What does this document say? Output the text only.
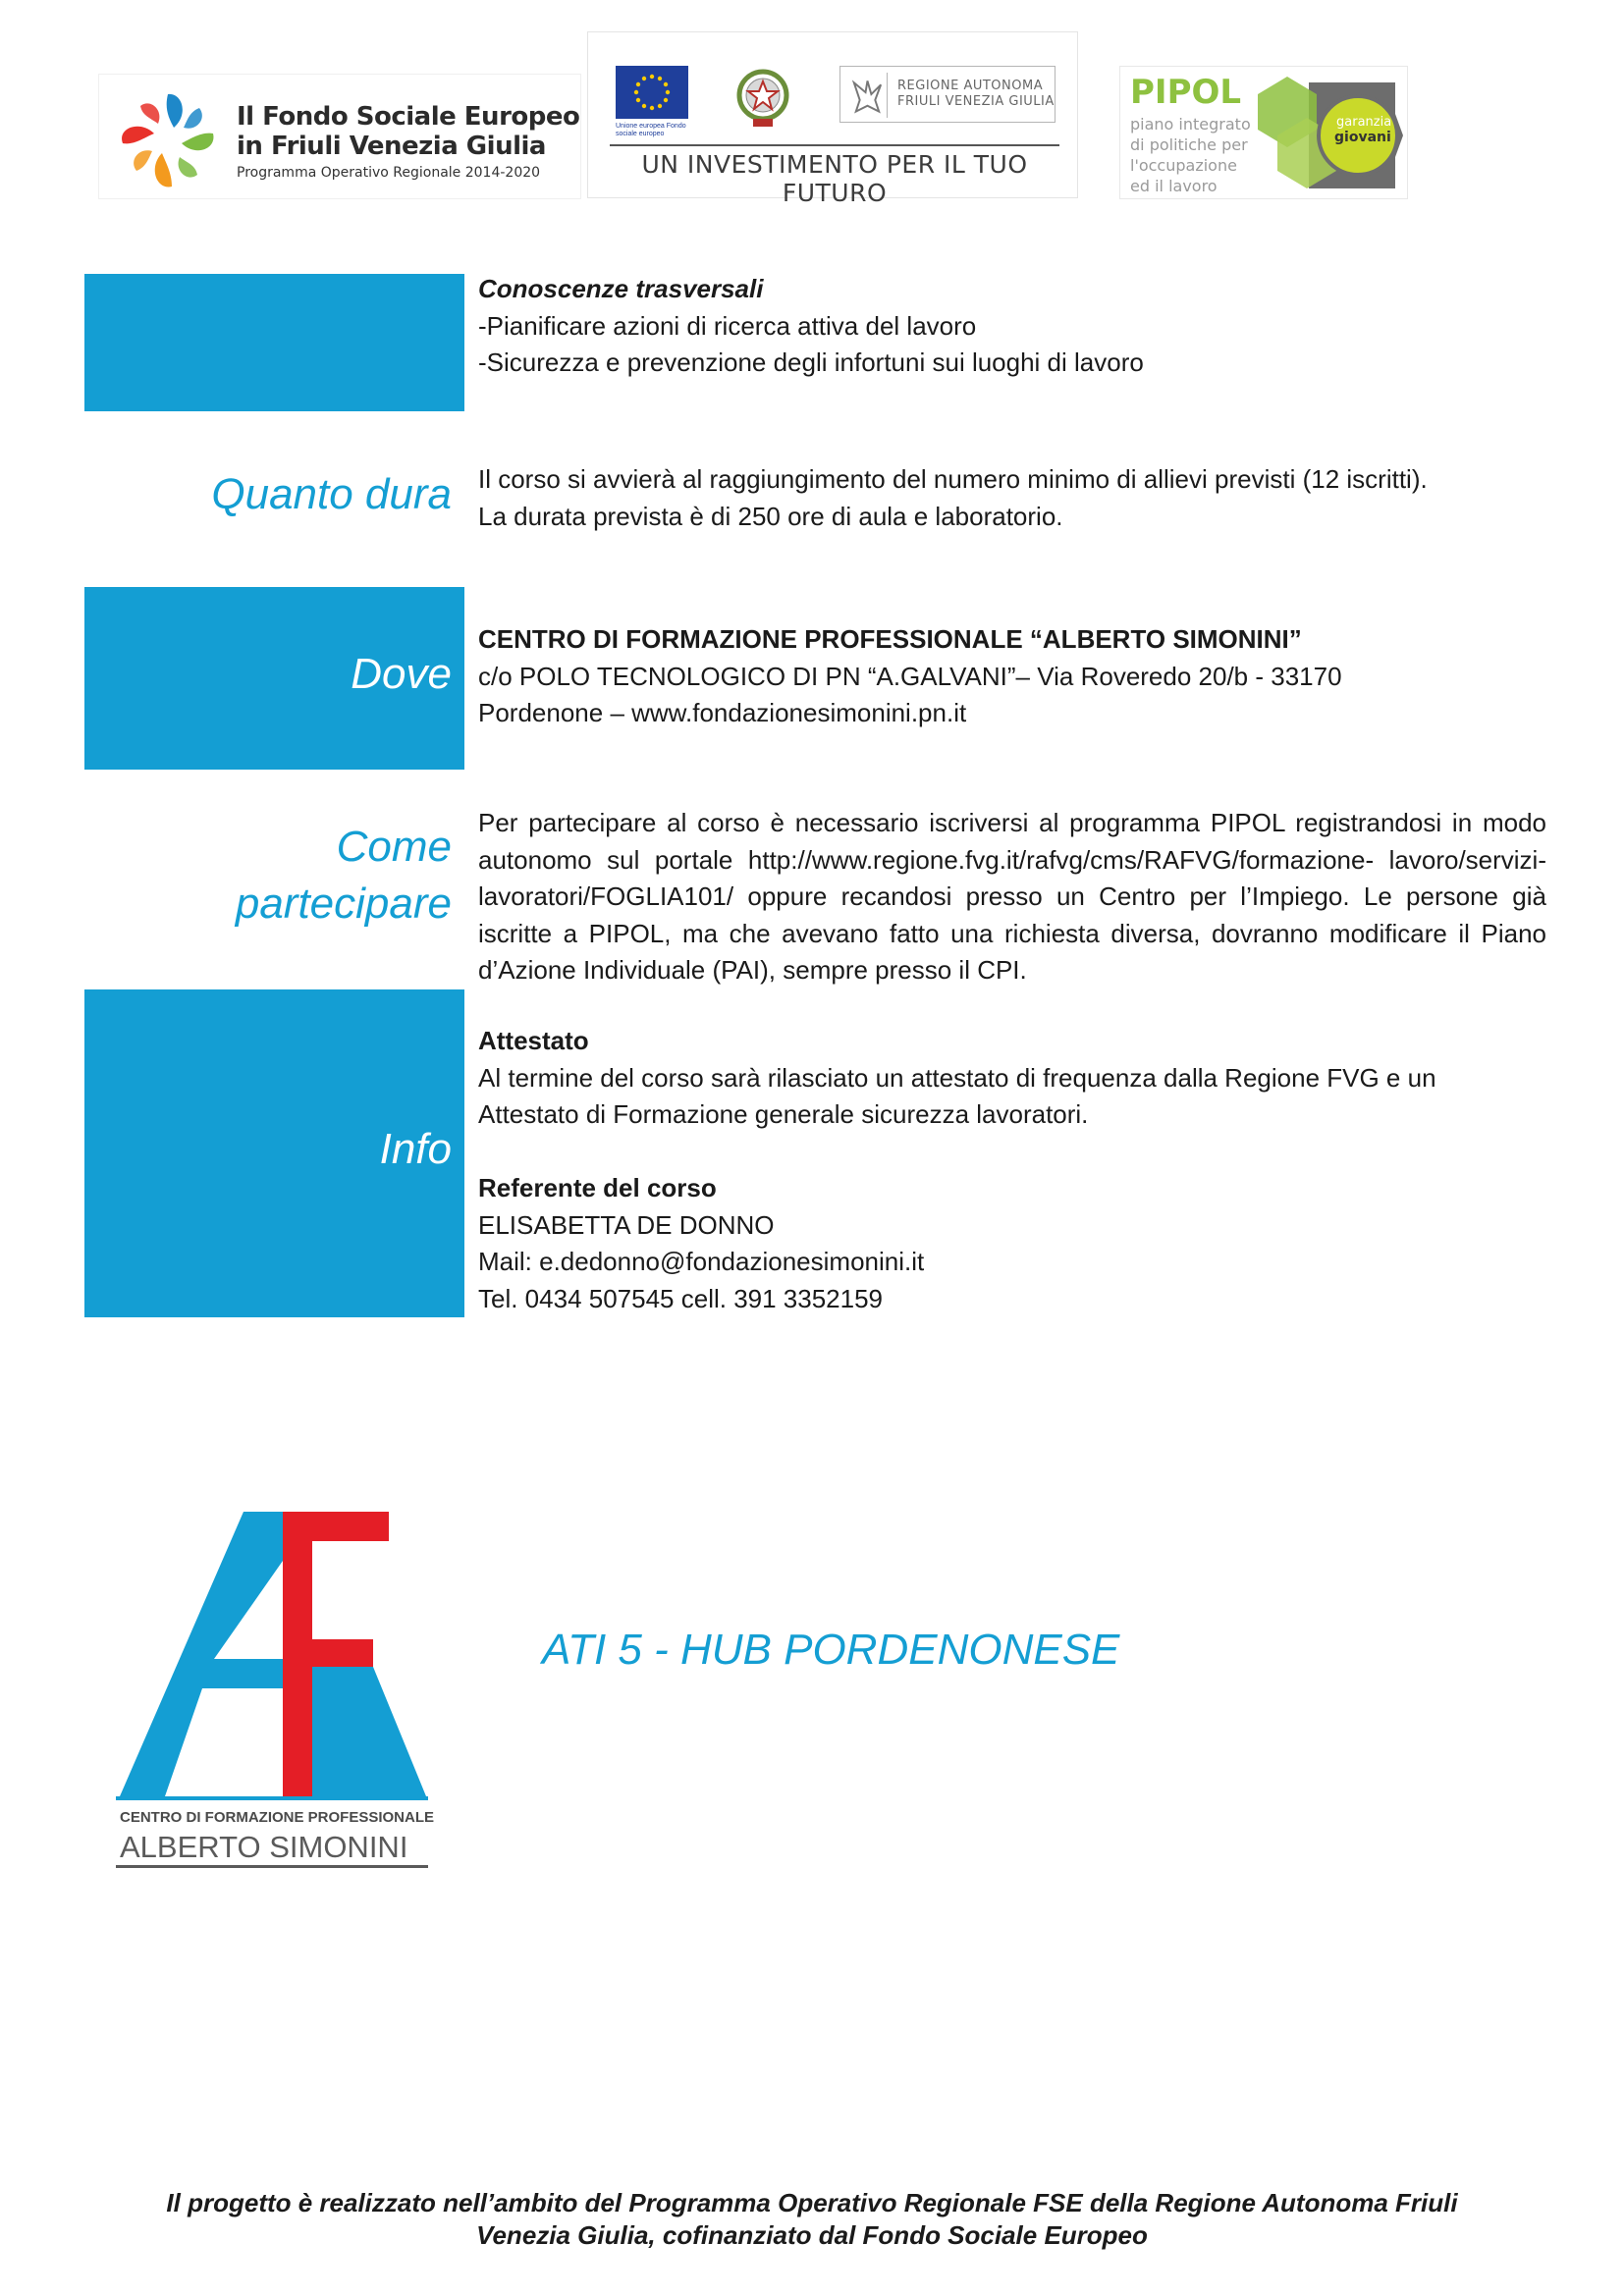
Il Fondo Sociale Europeo
in Friuli Venezia Giulia
Programma Operativo Regionale 2014-2020
Unione europea Fondo sociale europeo
REGIONE AUTONOMA
FRIULI VENEZIA GIULIA
UN INVESTIMENTO PER IL TUO FUTURO
PIPOL
piano integrato
di politiche per
l'occupazione
ed il lavoro
garanzia
giovani
Conoscenze trasversali
-Pianificare azioni di ricerca attiva del lavoro
-Sicurezza e prevenzione degli infortuni sui luoghi di lavoro
Quanto dura Il corso si avvierà al raggiungimento del numero minimo di allievi previsti (12 iscritti).
La durata prevista è di 250 ore di aula e laboratorio.
Dove
CENTRO DI FORMAZIONE PROFESSIONALE “ALBERTO SIMONINI”
c/o POLO TECNOLOGICO DI PN “A.GALVANI”– Via Roveredo 20/b - 33170
Pordenone – www.fondazionesimonini.pn.it
Come
partecipare
Per partecipare al corso è necessario iscriversi al programma PIPOL registrandosi in modo autonomo sul portale http://www.regione.fvg.it/rafvg/cms/RAFVG/formazione- lavoro/servizi-lavoratori/FOGLIA101/ oppure recandosi presso un Centro per l’Impiego. Le persone già iscritte a PIPOL, ma che avevano fatto una richiesta diversa, dovranno modificare il Piano d’Azione Individuale (PAI), sempre presso il CPI.
Info
Attestato
Al termine del corso sarà rilasciato un attestato di frequenza dalla Regione FVG e un
Attestato di Formazione generale sicurezza lavoratori.
Referente del corso
ELISABETTA DE DONNO
Mail: e.dedonno@fondazionesimonini.it
Tel. 0434 507545 cell. 391 3352159
CENTRO DI FORMAZIONE PROFESSIONALE
ALBERTO SIMONINI
ATI 5 - HUB PORDENONESE
Il progetto è realizzato nell’ambito del Programma Operativo Regionale FSE della Regione Autonoma Friuli
Venezia Giulia, cofinanziato dal Fondo Sociale Europeo
